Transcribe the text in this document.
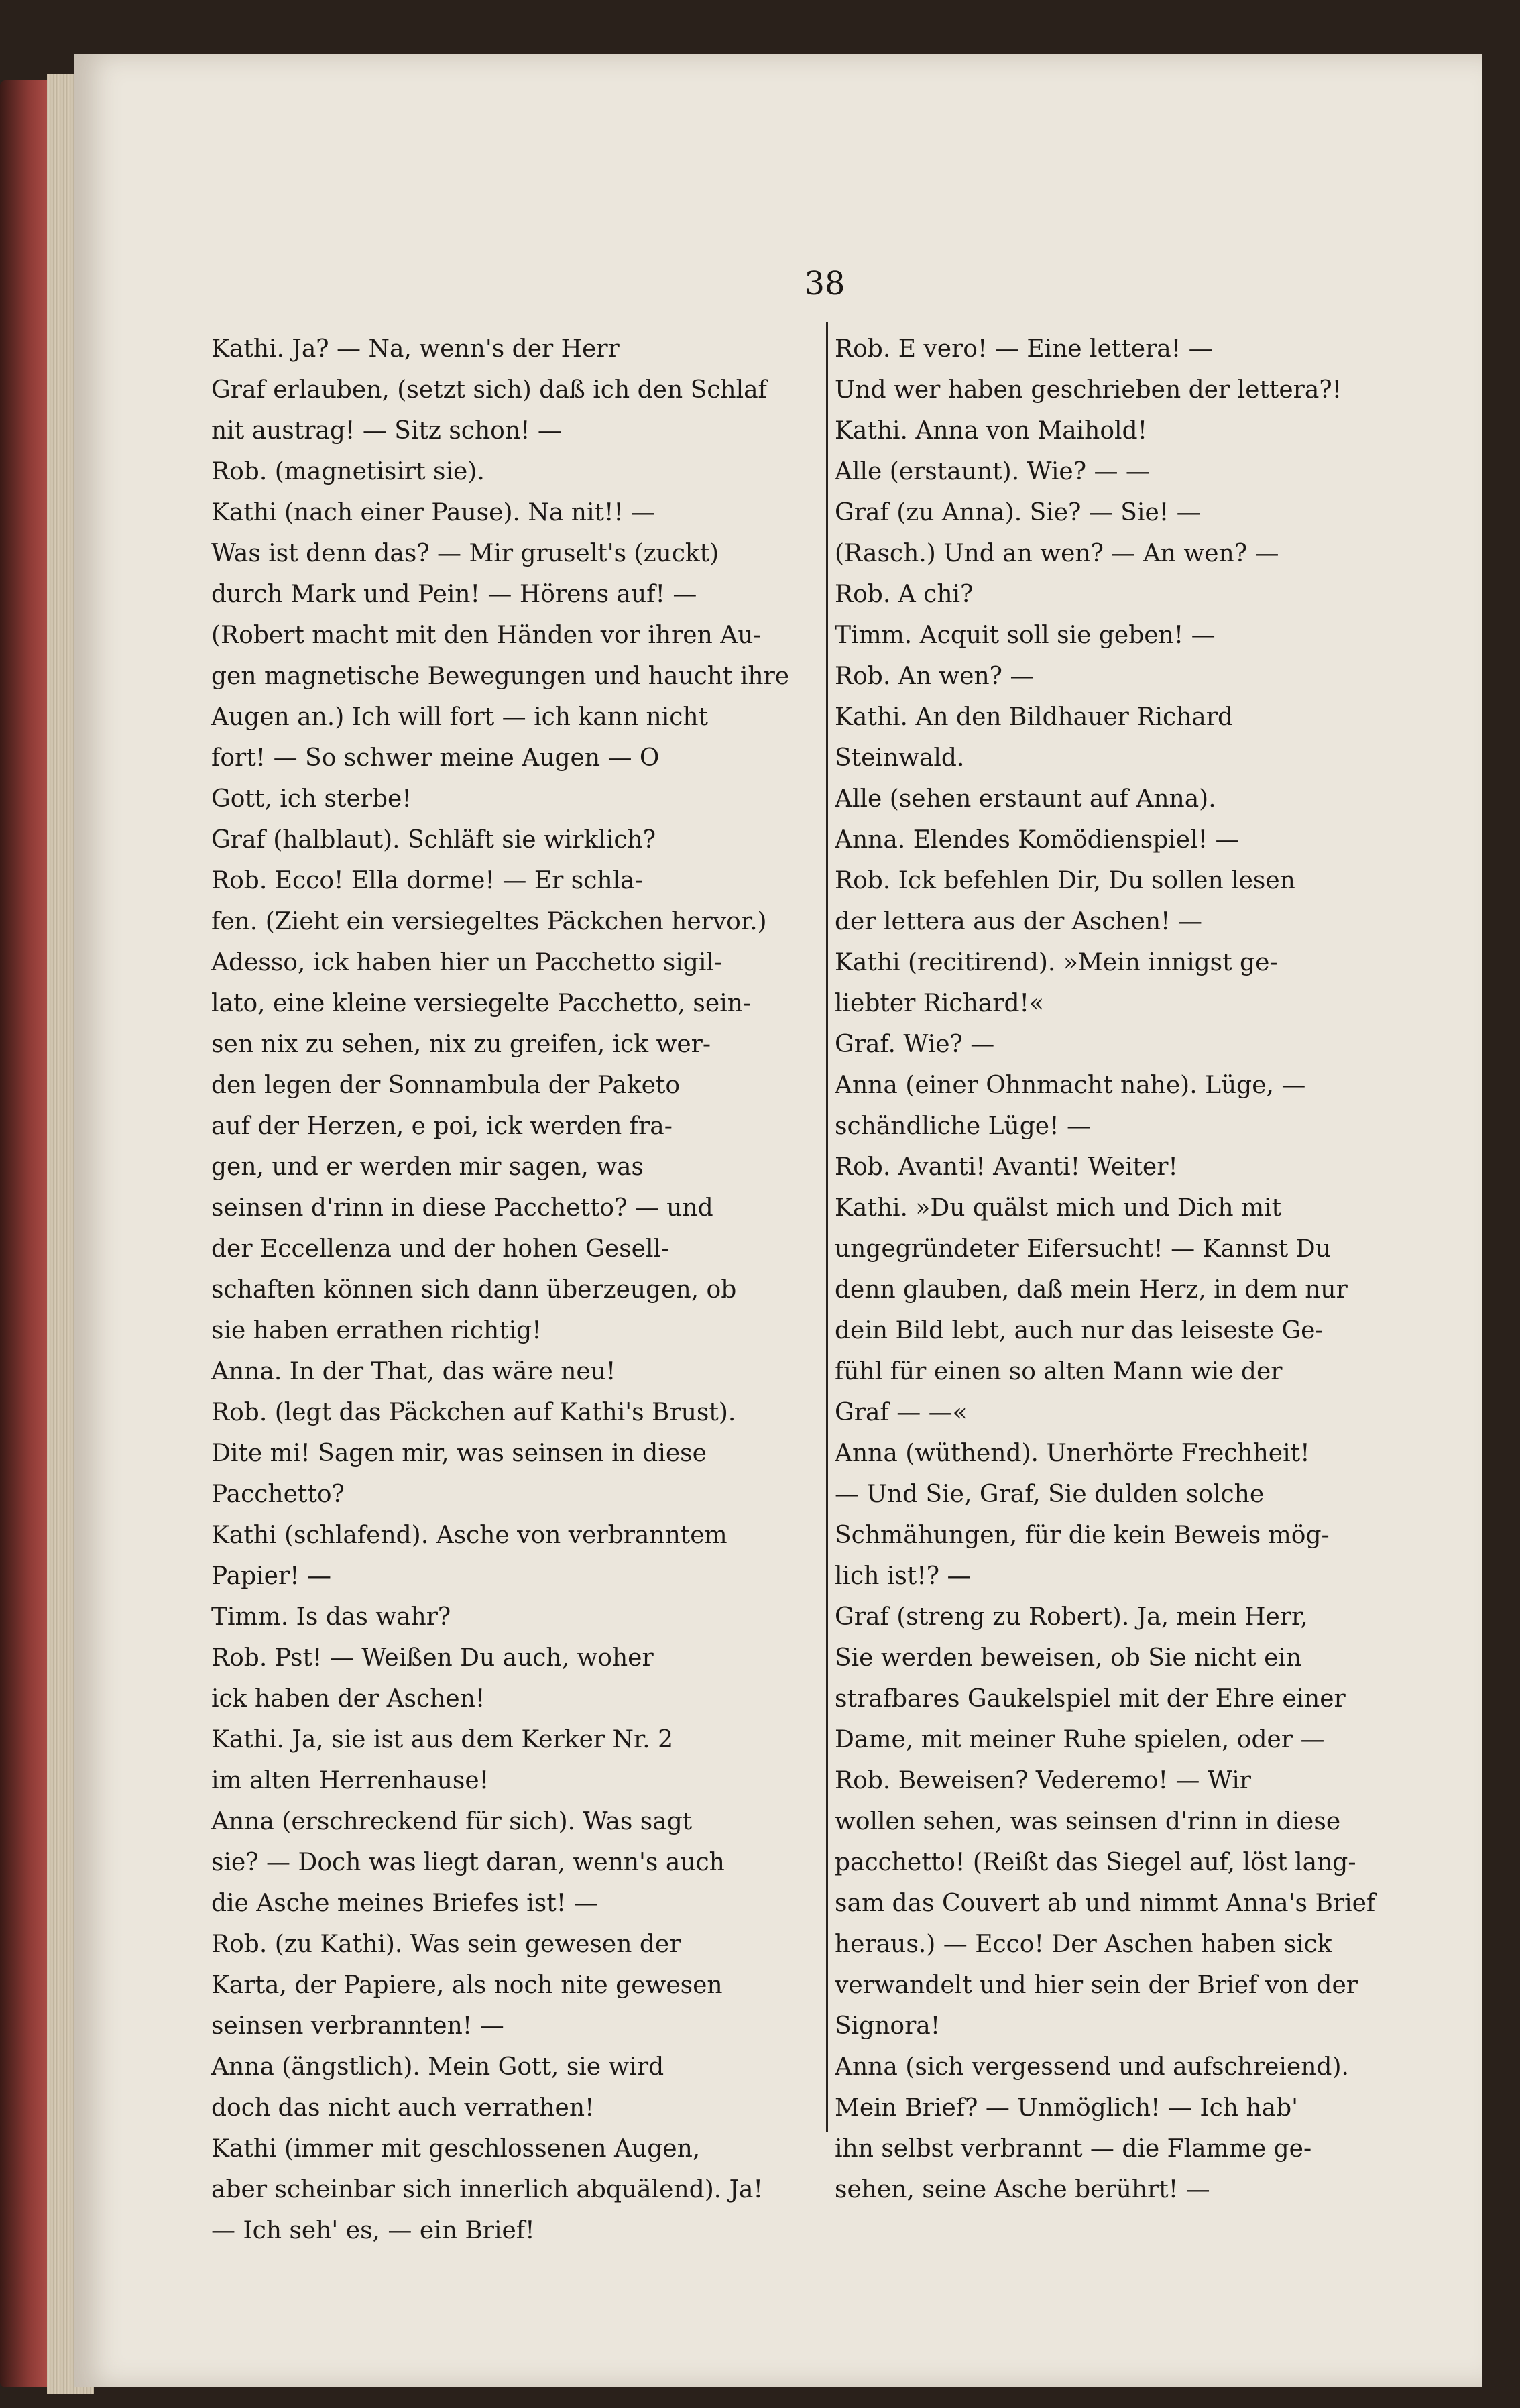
38
Kathi. Ja? — Na, wenn's der Herr
Graf erlauben, (setzt sich) daß ich den Schlaf
nit austrag! — Sitz schon! —
Rob. (magnetisirt sie).
Kathi (nach einer Pause). Na nit!! —
Was ist denn das? — Mir gruselt's (zuckt)
durch Mark und Pein! — Hörens auf! —
(Robert macht mit den Händen vor ihren Au-
gen magnetische Bewegungen und haucht ihre
Augen an.) Ich will fort — ich kann nicht
fort! — So schwer meine Augen — O
Gott, ich sterbe!
Graf (halblaut). Schläft sie wirklich?
Rob. Ecco! Ella dorme! — Er schla-
fen. (Zieht ein versiegeltes Päckchen hervor.)
Adesso, ick haben hier un Pacchetto sigil-
lato, eine kleine versiegelte Pacchetto, sein-
sen nix zu sehen, nix zu greifen, ick wer-
den legen der Sonnambula der Paketo
auf der Herzen, e poi, ick werden fra-
gen, und er werden mir sagen, was
seinsen d'rinn in diese Pacchetto? — und
der Eccellenza und der hohen Gesell-
schaften können sich dann überzeugen, ob
sie haben errathen richtig!
Anna. In der That, das wäre neu!
Rob. (legt das Päckchen auf Kathi's Brust).
Dite mi! Sagen mir, was seinsen in diese
Pacchetto?
Kathi (schlafend). Asche von verbranntem
Papier! —
Timm. Is das wahr?
Rob. Pst! — Weißen Du auch, woher
ick haben der Aschen!
Kathi. Ja, sie ist aus dem Kerker Nr. 2
im alten Herrenhause!
Anna (erschreckend für sich). Was sagt
sie? — Doch was liegt daran, wenn's auch
die Asche meines Briefes ist! —
Rob. (zu Kathi). Was sein gewesen der
Karta, der Papiere, als noch nite gewesen
seinsen verbrannten! —
Anna (ängstlich). Mein Gott, sie wird
doch das nicht auch verrathen!
Kathi (immer mit geschlossenen Augen,
aber scheinbar sich innerlich abquälend). Ja!
— Ich seh' es, — ein Brief!
Rob. E vero! — Eine lettera! —
Und wer haben geschrieben der lettera?!
Kathi. Anna von Maihold!
Alle (erstaunt). Wie? — —
Graf (zu Anna). Sie? — Sie! —
(Rasch.) Und an wen? — An wen? —
Rob. A chi?
Timm. Acquit soll sie geben! —
Rob. An wen? —
Kathi. An den Bildhauer Richard
Steinwald.
Alle (sehen erstaunt auf Anna).
Anna. Elendes Komödienspiel! —
Rob. Ick befehlen Dir, Du sollen lesen
der lettera aus der Aschen! —
Kathi (recitirend). »Mein innigst ge-
liebter Richard!«
Graf. Wie? —
Anna (einer Ohnmacht nahe). Lüge, —
schändliche Lüge! —
Rob. Avanti! Avanti! Weiter!
Kathi. »Du quälst mich und Dich mit
ungegründeter Eifersucht! — Kannst Du
denn glauben, daß mein Herz, in dem nur
dein Bild lebt, auch nur das leiseste Ge-
fühl für einen so alten Mann wie der
Graf — —«
Anna (wüthend). Unerhörte Frechheit!
— Und Sie, Graf, Sie dulden solche
Schmähungen, für die kein Beweis mög-
lich ist!? —
Graf (streng zu Robert). Ja, mein Herr,
Sie werden beweisen, ob Sie nicht ein
strafbares Gaukelspiel mit der Ehre einer
Dame, mit meiner Ruhe spielen, oder —
Rob. Beweisen? Vederemo! — Wir
wollen sehen, was seinsen d'rinn in diese
pacchetto! (Reißt das Siegel auf, löst lang-
sam das Couvert ab und nimmt Anna's Brief
heraus.) — Ecco! Der Aschen haben sick
verwandelt und hier sein der Brief von der
Signora!
Anna (sich vergessend und aufschreiend).
Mein Brief? — Unmöglich! — Ich hab'
ihn selbst verbrannt — die Flamme ge-
sehen, seine Asche berührt! —
